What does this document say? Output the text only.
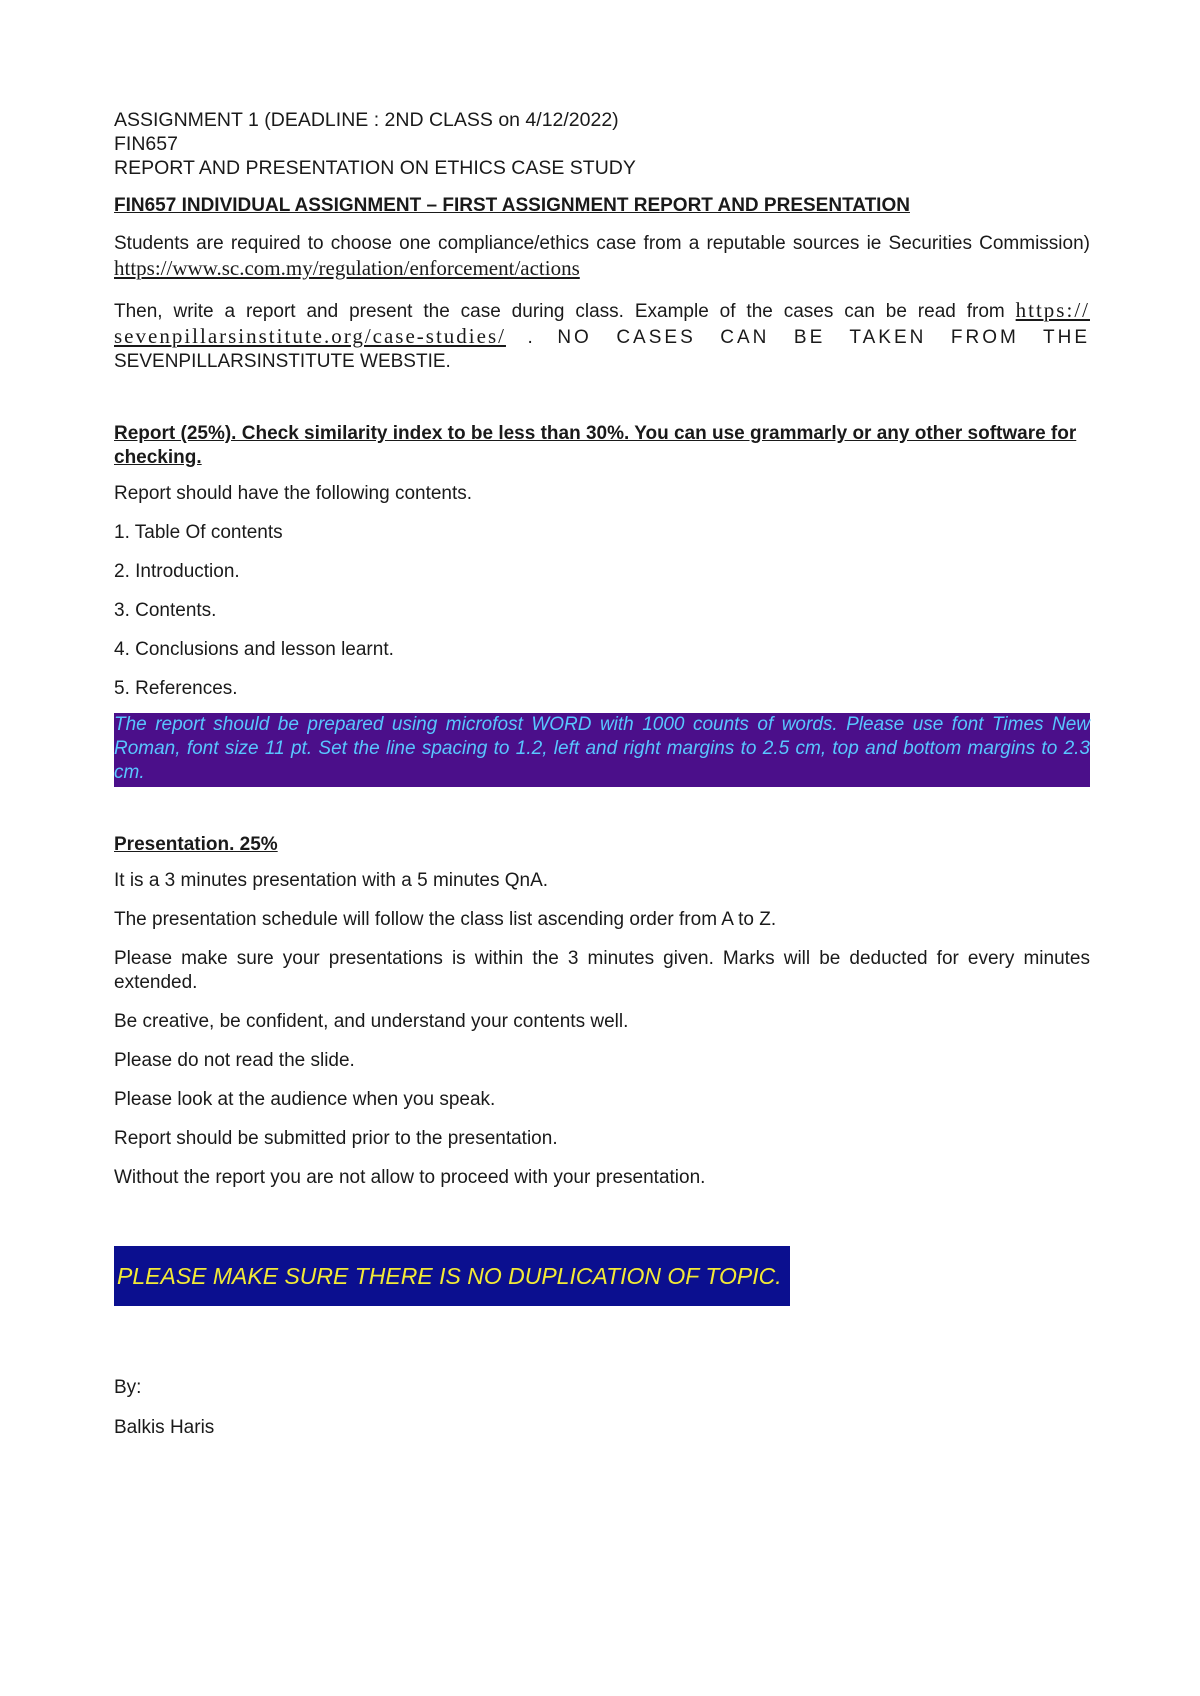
ASSIGNMENT 1 (DEADLINE : 2ND CLASS on 4/12/2022)
FIN657
REPORT AND PRESENTATION ON ETHICS CASE STUDY
FIN657 INDIVIDUAL ASSIGNMENT – FIRST ASSIGNMENT REPORT AND PRESENTATION
Students are required to choose one compliance/ethics case from a reputable sources ie Securities Commission) https://www.sc.com.my/regulation/enforcement/actions
Then, write a report and present the case during class. Example of the cases can be read from https:// sevenpillarsinstitute.org/case-studies/ . NO CASES CAN BE TAKEN FROM THE SEVENPILLARSINSTITUTE WEBSTIE.
Report (25%). Check similarity index to be less than 30%. You can use grammarly or any other software for checking.
Report should have the following contents.
1. Table Of contents
2. Introduction.
3. Contents.
4. Conclusions and lesson learnt.
5. References.
The report should be prepared using microfost WORD with 1000 counts of words. Please use font Times New Roman, font size 11 pt. Set the line spacing to 1.2, left and right margins to 2.5 cm, top and bottom margins to 2.3 cm.
Presentation. 25%
It is a 3 minutes presentation with a 5 minutes QnA.
The presentation schedule will follow the class list ascending order from A to Z.
Please make sure your presentations is within the 3 minutes given. Marks will be deducted for every minutes extended.
Be creative, be confident, and understand your contents well.
Please do not read the slide.
Please look at the audience when you speak.
Report should be submitted prior to the presentation.
Without the report you are not allow to proceed with your presentation.
PLEASE MAKE SURE THERE IS NO DUPLICATION OF TOPIC.
By:
Balkis Haris
